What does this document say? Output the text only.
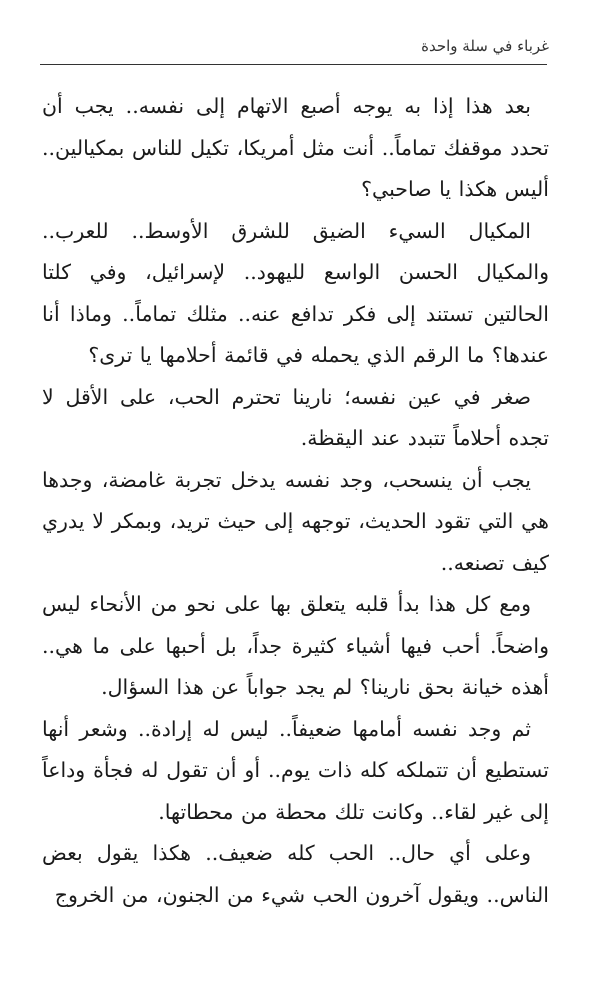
غرباء في سلة واحدة

بعد هذا إذا به يوجه أصبع الاتهام إلى نفسه.. يجب أن تحدد موقفك تماماً.. أنت مثل أمريكا، تكيل للناس بمكيالين.. أليس هكذا يا صاحبي؟

المكيال السيء الضيق للشرق الأوسط.. للعرب.. والمكيال الحسن الواسع لليهود.. لإسرائيل، وفي كلتا الحالتين تستند إلى فكر تدافع عنه.. مثلك تماماً.. وماذا أنا عندها؟ ما الرقم الذي يحمله في قائمة أحلامها يا ترى؟

صغر في عين نفسه؛ نارينا تحترم الحب، على الأقل لا تجده أحلاماً تتبدد عند اليقظة.

يجب أن ينسحب، وجد نفسه يدخل تجربة غامضة، وجدها هي التي تقود الحديث، توجهه إلى حيث تريد، وبمكر لا يدري كيف تصنعه..

ومع كل هذا بدأ قلبه يتعلق بها على نحو من الأنحاء ليس واضحاً. أحب فيها أشياء كثيرة جداً، بل أحبها على ما هي.. أهذه خيانة بحق نارينا؟ لم يجد جواباً عن هذا السؤال.

ثم وجد نفسه أمامها ضعيفاً.. ليس له إرادة.. وشعر أنها تستطيع أن تتملكه كله ذات يوم.. أو أن تقول له فجأة وداعاً إلى غير لقاء.. وكانت تلك محطة من محطاتها.

وعلى أي حال.. الحب كله ضعيف.. هكذا يقول بعض الناس.. ويقول آخرون الحب شيء من الجنون، من الخروج
